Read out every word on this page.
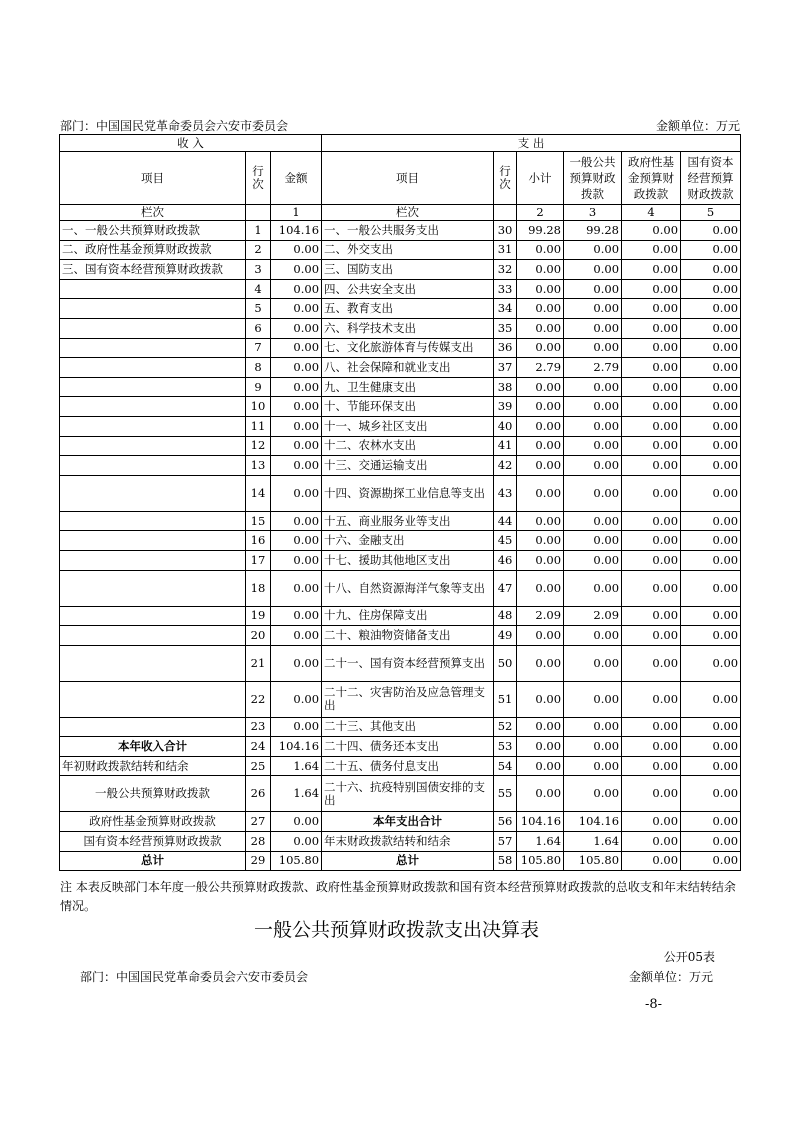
部门：中国国民党革命委员会六安市委员会	金额单位：万元
收 入			支 出					
项目	行次	金额	项目	行次	小计	一般公共预算财政拨款	政府性基金预算财政拨款	国有资本经营预算财政拨款
栏次		1	栏次		2	3	4	5
一、一般公共预算财政拨款	1	104.16	一、一般公共服务支出	30	99.28	99.28	0.00	0.00
二、政府性基金预算财政拨款	2	0.00	二、外交支出	31	0.00	0.00	0.00	0.00
三、国有资本经营预算财政拨款	3	0.00	三、国防支出	32	0.00	0.00	0.00	0.00
	4	0.00	四、公共安全支出	33	0.00	0.00	0.00	0.00
	5	0.00	五、教育支出	34	0.00	0.00	0.00	0.00
	6	0.00	六、科学技术支出	35	0.00	0.00	0.00	0.00
	7	0.00	七、文化旅游体育与传媒支出	36	0.00	0.00	0.00	0.00
	8	0.00	八、社会保障和就业支出	37	2.79	2.79	0.00	0.00
	9	0.00	九、卫生健康支出	38	0.00	0.00	0.00	0.00
	10	0.00	十、节能环保支出	39	0.00	0.00	0.00	0.00
	11	0.00	十一、城乡社区支出	40	0.00	0.00	0.00	0.00
	12	0.00	十二、农林水支出	41	0.00	0.00	0.00	0.00
	13	0.00	十三、交通运输支出	42	0.00	0.00	0.00	0.00
	14	0.00	十四、资源勘探工业信息等支出	43	0.00	0.00	0.00	0.00
	15	0.00	十五、商业服务业等支出	44	0.00	0.00	0.00	0.00
	16	0.00	十六、金融支出	45	0.00	0.00	0.00	0.00
	17	0.00	十七、援助其他地区支出	46	0.00	0.00	0.00	0.00
	18	0.00	十八、自然资源海洋气象等支出	47	0.00	0.00	0.00	0.00
	19	0.00	十九、住房保障支出	48	2.09	2.09	0.00	0.00
	20	0.00	二十、粮油物资储备支出	49	0.00	0.00	0.00	0.00
	21	0.00	二十一、国有资本经营预算支出	50	0.00	0.00	0.00	0.00
	22	0.00	二十二、灾害防治及应急管理支出	51	0.00	0.00	0.00	0.00
	23	0.00	二十三、其他支出	52	0.00	0.00	0.00	0.00
本年收入合计	24	104.16	二十四、债务还本支出	53	0.00	0.00	0.00	0.00
年初财政拨款结转和结余	25	1.64	二十五、债务付息支出	54	0.00	0.00	0.00	0.00
一般公共预算财政拨款	26	1.64	二十六、抗疫特别国债安排的支出	55	0.00	0.00	0.00	0.00
政府性基金预算财政拨款	27	0.00	本年支出合计	56	104.16	104.16	0.00	0.00
国有资本经营预算财政拨款	28	0.00	年末财政拨款结转和结余	57	1.64	1.64	0.00	0.00
总计	29	105.80	总计	58	105.80	105.80	0.00	0.00
注 本表反映部门本年度一般公共预算财政拨款、政府性基金预算财政拨款和国有资本经营预算财政拨款的总收支和年末结转结余情况。
一般公共预算财政拨款支出决算表
公开05表
部门：中国国民党革命委员会六安市委员会	金额单位：万元
-8-
